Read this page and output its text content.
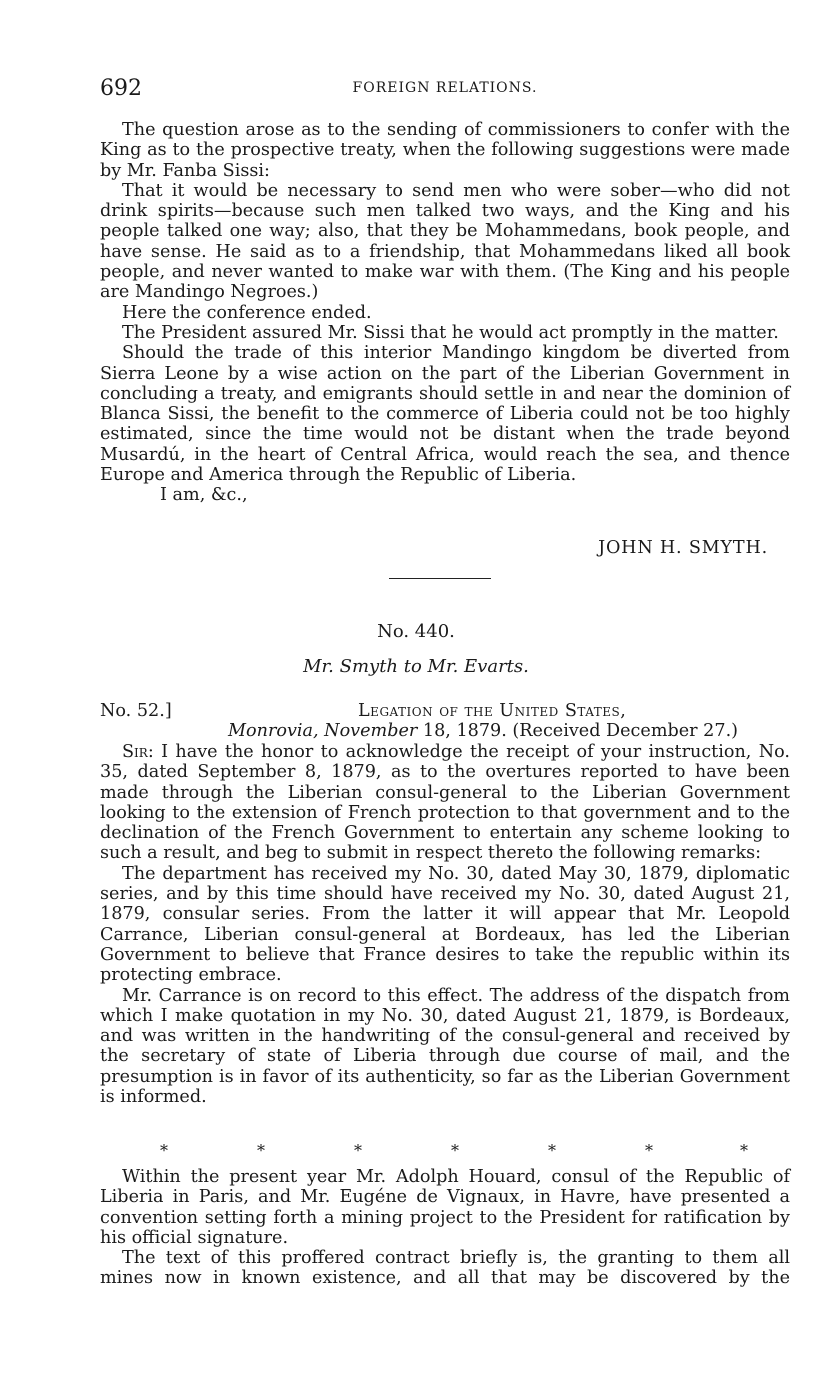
692	FOREIGN RELATIONS.

The question arose as to the sending of commissioners to confer with the King as to the prospective treaty, when the following suggestions were made by Mr. Fanba Sissi:

That it would be necessary to send men who were sober—who did not drink spirits—because such men talked two ways, and the King and his people talked one way; also, that they be Mohammedans, book people, and have sense. He said as to a friendship, that Mohammedans liked all book people, and never wanted to make war with them. (The King and his people are Mandingo Negroes.)

Here the conference ended.

The President assured Mr. Sissi that he would act promptly in the matter.

Should the trade of this interior Mandingo kingdom be diverted from Sierra Leone by a wise action on the part of the Liberian Government in concluding a treaty, and emigrants should settle in and near the dominion of Blanca Sissi, the benefit to the commerce of Liberia could not be too highly estimated, since the time would not be distant when the trade beyond Musardú, in the heart of Central Africa, would reach the sea, and thence Europe and America through the Republic of Liberia.

I am, &c.,

JOHN H. SMYTH.
No. 440.
Mr. Smyth to Mr. Evarts.
No. 52.]	Legation of the United States,
Monrovia, November 18, 1879. (Received December 27.)

Sir: I have the honor to acknowledge the receipt of your instruction, No. 35, dated September 8, 1879, as to the overtures reported to have been made through the Liberian consul-general to the Liberian Government looking to the extension of French protection to that government and to the declination of the French Government to entertain any scheme looking to such a result, and beg to submit in respect thereto the following remarks:

The department has received my No. 30, dated May 30, 1879, diplomatic series, and by this time should have received my No. 30, dated August 21, 1879, consular series. From the latter it will appear that Mr. Leopold Carrance, Liberian consul-general at Bordeaux, has led the Liberian Government to believe that France desires to take the republic within its protecting embrace.

Mr. Carrance is on record to this effect. The address of the dispatch from which I make quotation in my No. 30, dated August 21, 1879, is Bordeaux, and was written in the handwriting of the consul-general and received by the secretary of state of Liberia through due course of mail, and the presumption is in favor of its authenticity, so far as the Liberian Government is informed.

*	*	*	*	*	*	*

Within the present year Mr. Adolph Houard, consul of the Republic of Liberia in Paris, and Mr. Eugéne de Vignaux, in Havre, have presented a convention setting forth a mining project to the President for ratification by his official signature.

The text of this proffered contract briefly is, the granting to them all mines now in known existence, and all that may be discovered by the
